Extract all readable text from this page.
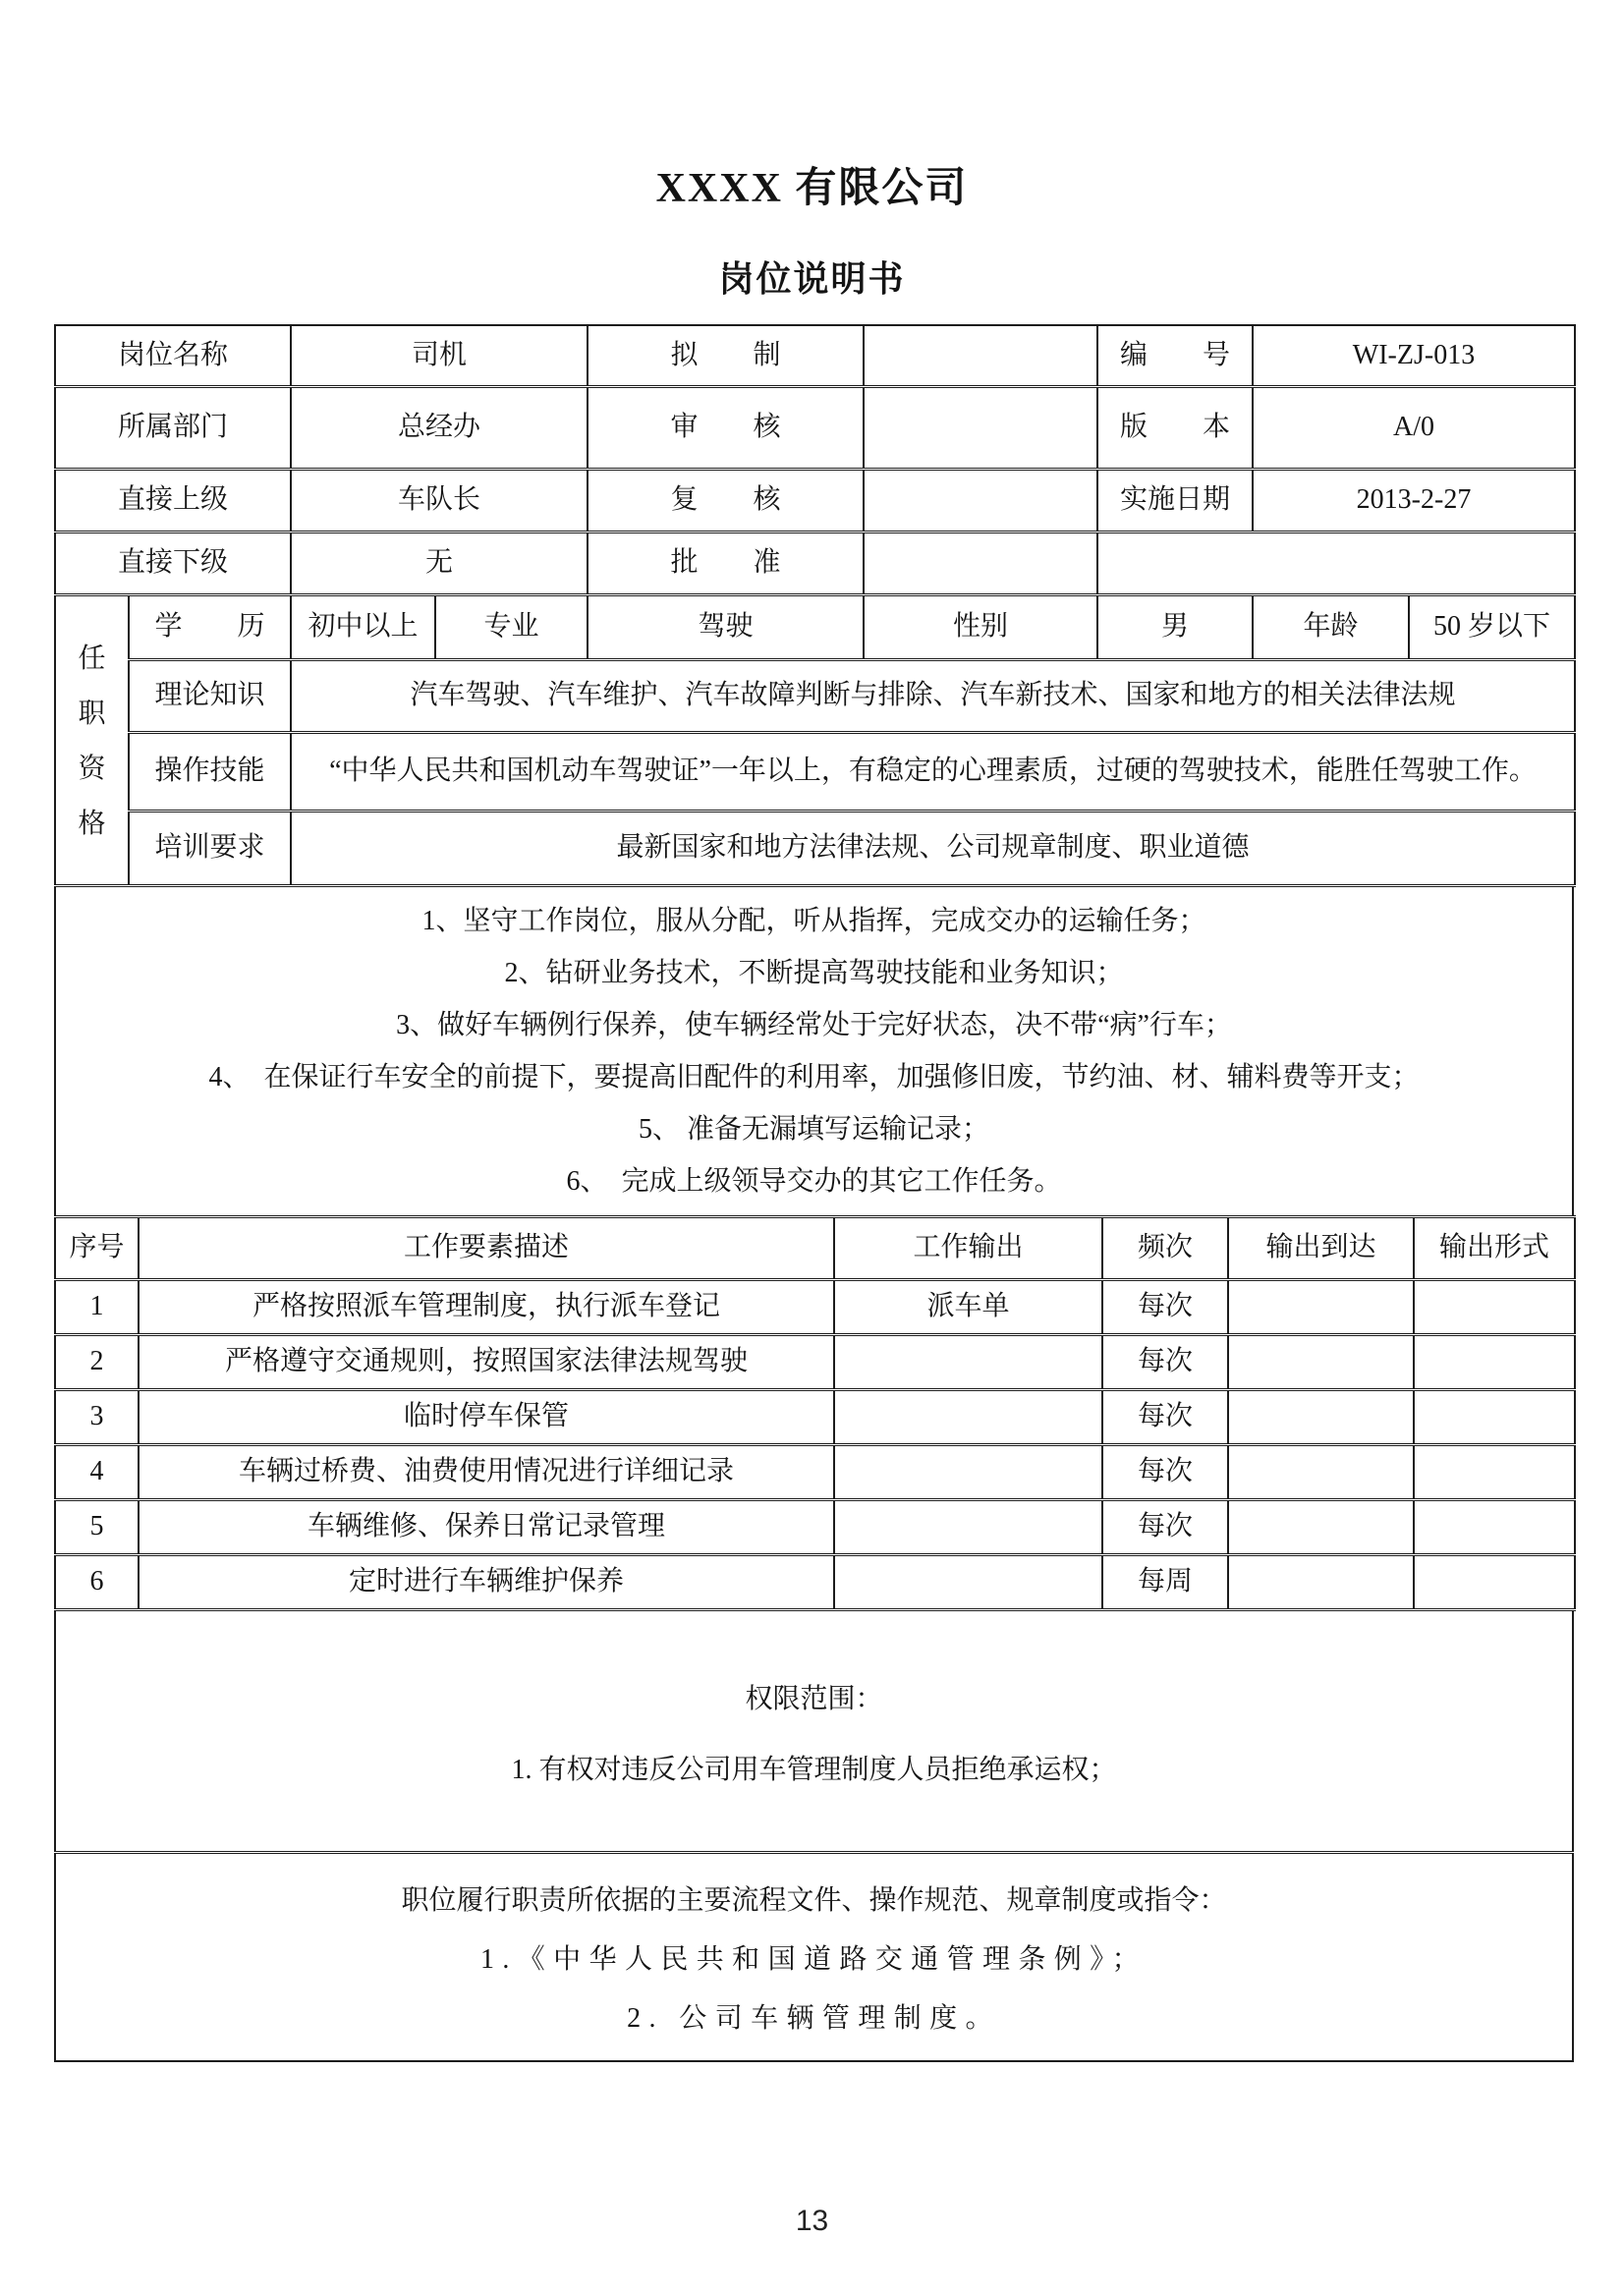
XXXX 有限公司
岗位说明书
岗位名称	司机	拟　　制		编　　号	WI-ZJ-013
所属部门	总经办	审　　核		版　　本	A/0
直接上级	车队长	复　　核		实施日期	2013-2-27
直接下级	无	批　　准			
任职资格	学　　历	初中以上	专业	驾驶	性别	男	年龄	50 岁以下
	理论知识	汽车驾驶、汽车维护、汽车故障判断与排除、汽车新技术、国家和地方的相关法律法规						
	操作技能	“中华人民共和国机动车驾驶证”一年以上，有稳定的心理素质，过硬的驾驶技术，能胜任驾驶工作。						
	培训要求	最新国家和地方法律法规、公司规章制度、职业道德						
1、坚守工作岗位，服从分配，听从指挥，完成交办的运输任务；
2、钻研业务技术，不断提高驾驶技能和业务知识；
3、做好车辆例行保养，使车辆经常处于完好状态，决不带“病”行车；
4、　在保证行车安全的前提下，要提高旧配件的利用率，加强修旧废，节约油、材、辅料费等开支；
5、 准备无漏填写运输记录；
6、　完成上级领导交办的其它工作任务。
序号	工作要素描述	工作输出	频次	输出到达	输出形式
1	严格按照派车管理制度，执行派车登记	派车单	每次		
2	严格遵守交通规则，按照国家法律法规驾驶		每次		
3	临时停车保管		每次		
4	车辆过桥费、油费使用情况进行详细记录		每次		
5	车辆维修、保养日常记录管理		每次		
6	定时进行车辆维护保养		每周		
权限范围：
1. 有权对违反公司用车管理制度人员拒绝承运权；
职位履行职责所依据的主要流程文件、操作规范、规章制度或指令：
1.《中华人民共和国道路交通管理条例》；
2. 公司车辆管理制度。
13
